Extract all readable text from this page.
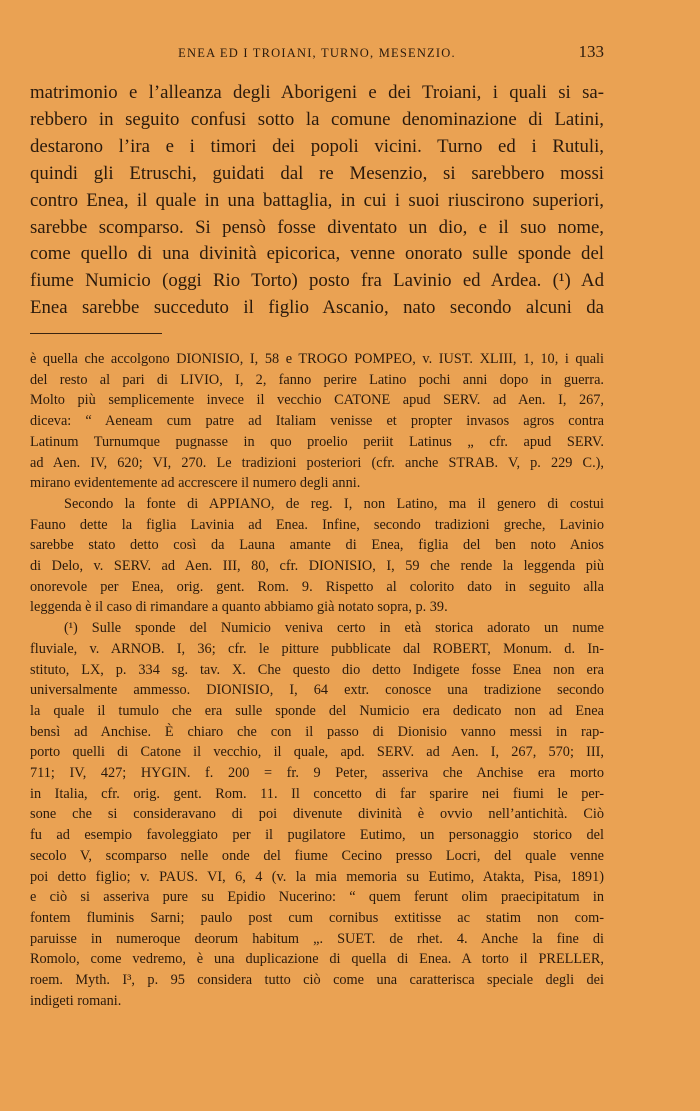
ENEA ED I TROIANI, TURNO, MESENZIO.	133
matrimonio e l’alleanza degli Aborigeni e dei Troiani, i quali si sa-
rebbero in seguito confusi sotto la comune denominazione di Latini,
destarono l’ira e i timori dei popoli vicini. Turno ed i Rutuli,
quindi gli Etruschi, guidati dal re Mesenzio, si sarebbero mossi
contro Enea, il quale in una battaglia, in cui i suoi riuscirono superiori,
sarebbe scomparso. Si pensò fosse diventato un dio, e il suo nome,
come quello di una divinità epicorica, venne onorato sulle sponde del
fiume Numicio (oggi Rio Torto) posto fra Lavinio ed Ardea. (¹) Ad
Enea sarebbe succeduto il figlio Ascanio, nato secondo alcuni da
è quella che accolgono DIONISIO, I, 58 e TROGO POMPEO, v. IUST. XLIII, 1, 10, i quali
del resto al pari di LIVIO, I, 2, fanno perire Latino pochi anni dopo in guerra.
Molto più semplicemente invece il vecchio CATONE apud SERV. ad Aen. I, 267,
diceva: “ Aeneam cum patre ad Italiam venisse et propter invasos agros contra
Latinum Turnumque pugnasse in quo proelio periit Latinus „ cfr. apud SERV.
ad Aen. IV, 620; VI, 270. Le tradizioni posteriori (cfr. anche STRAB. V, p. 229 C.),
mirano evidentemente ad accrescere il numero degli anni.
Secondo la fonte di APPIANO, de reg. I, non Latino, ma il genero di costui
Fauno dette la figlia Lavinia ad Enea. Infine, secondo tradizioni greche, Lavinio
sarebbe stato detto così da Launa amante di Enea, figlia del ben noto Anios
di Delo, v. SERV. ad Aen. III, 80, cfr. DIONISIO, I, 59 che rende la leggenda più
onorevole per Enea, orig. gent. Rom. 9. Rispetto al colorito dato in seguito alla
leggenda è il caso di rimandare a quanto abbiamo già notato sopra, p. 39.
(¹) Sulle sponde del Numicio veniva certo in età storica adorato un nume
fluviale, v. ARNOB. I, 36; cfr. le pitture pubblicate dal ROBERT, Monum. d. In-
stituto, LX, p. 334 sg. tav. X. Che questo dio detto Indigete fosse Enea non era
universalmente ammesso. DIONISIO, I, 64 extr. conosce una tradizione secondo
la quale il tumulo che era sulle sponde del Numicio era dedicato non ad Enea
bensì ad Anchise. È chiaro che con il passo di Dionisio vanno messi in rap-
porto quelli di Catone il vecchio, il quale, apd. SERV. ad Aen. I, 267, 570; III,
711; IV, 427; HYGIN. f. 200 = fr. 9 Peter, asseriva che Anchise era morto
in Italia, cfr. orig. gent. Rom. 11. Il concetto di far sparire nei fiumi le per-
sone che si consideravano di poi divenute divinità è ovvio nell’antichità. Ciò
fu ad esempio favoleggiato per il pugilatore Eutimo, un personaggio storico del
secolo V, scomparso nelle onde del fiume Cecino presso Locri, del quale venne
poi detto figlio; v. PAUS. VI, 6, 4 (v. la mia memoria su Eutimo, Atakta, Pisa, 1891)
e ciò si asseriva pure su Epidio Nucerino: “ quem ferunt olim praecipitatum in
fontem fluminis Sarni; paulo post cum cornibus extitisse ac statim non com-
paruisse in numeroque deorum habitum „. SUET. de rhet. 4. Anche la fine di
Romolo, come vedremo, è una duplicazione di quella di Enea. A torto il PRELLER,
roem. Myth. I³, p. 95 considera tutto ciò come una caratterisca speciale degli dei
indigeti romani.
